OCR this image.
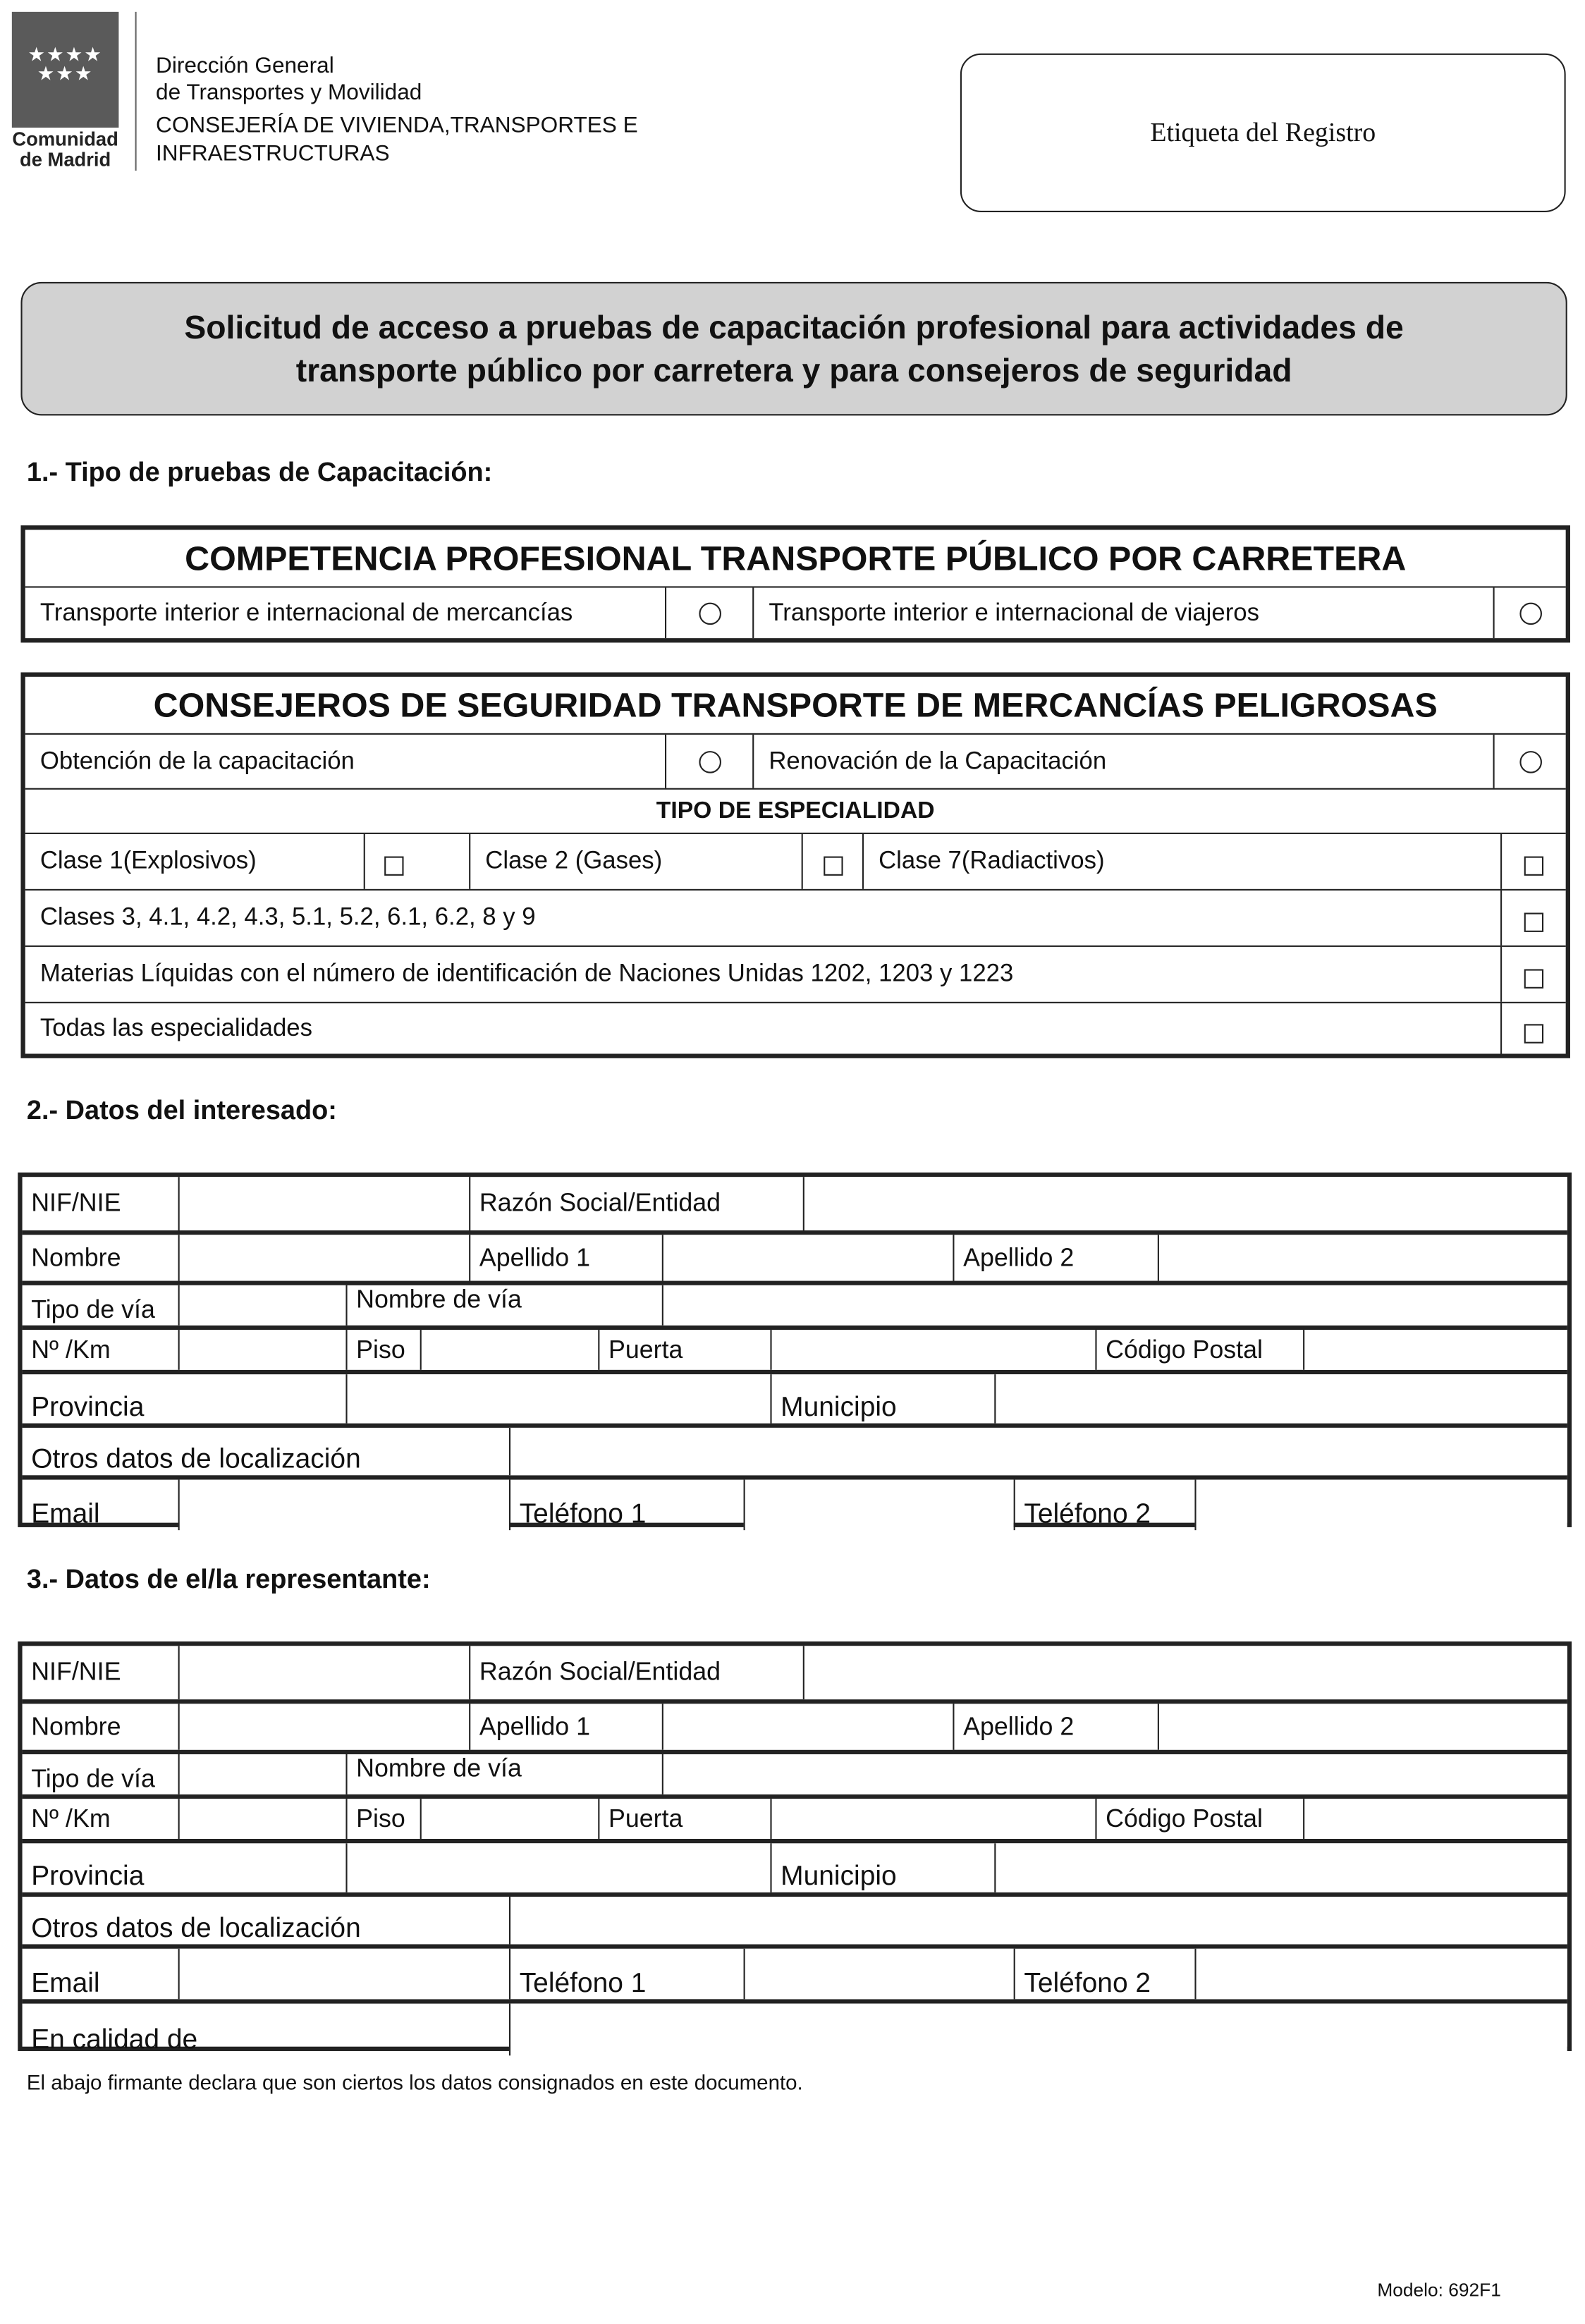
★★★★ ★★★
Comunidad de Madrid
Dirección General
de Transportes y Movilidad
CONSEJERÍA DE VIVIENDA,TRANSPORTES E
INFRAESTRUCTURAS
Etiqueta del Registro
Solicitud de acceso a pruebas de capacitación profesional para actividades de transporte público por carretera y para consejeros de seguridad
1.- Tipo de pruebas de Capacitación:
COMPETENCIA PROFESIONAL TRANSPORTE PÚBLICO POR CARRETERA
Transporte interior e internacional de mercancías	Transporte interior e internacional de viajeros
CONSEJEROS DE SEGURIDAD TRANSPORTE DE MERCANCÍAS PELIGROSAS
Obtención de la capacitación	Renovación de la Capacitación
TIPO DE ESPECIALIDAD
Clase 1(Explosivos)	Clase 2 (Gases)	Clase 7(Radiactivos)
Clases 3, 4.1, 4.2, 4.3, 5.1, 5.2, 6.1, 6.2, 8 y 9
Materias Líquidas con el número de identificación de Naciones Unidas 1202, 1203 y 1223
Todas las especialidades
2.- Datos del interesado:
NIF/NIE	Razón Social/Entidad
Nombre	Apellido 1	Apellido 2
Tipo de vía	Nombre de vía
Nº /Km	Piso	Puerta	Código Postal
Provincia	Municipio
Otros datos de localización
Email	Teléfono 1	Teléfono 2
3.- Datos de el/la representante:
NIF/NIE	Razón Social/Entidad
Nombre	Apellido 1	Apellido 2
Tipo de vía	Nombre de vía
Nº /Km	Piso	Puerta	Código Postal
Provincia	Municipio
Otros datos de localización
Email	Teléfono 1	Teléfono 2
En calidad de
El abajo firmante declara que son ciertos los datos consignados en este documento.
Modelo: 692F1
